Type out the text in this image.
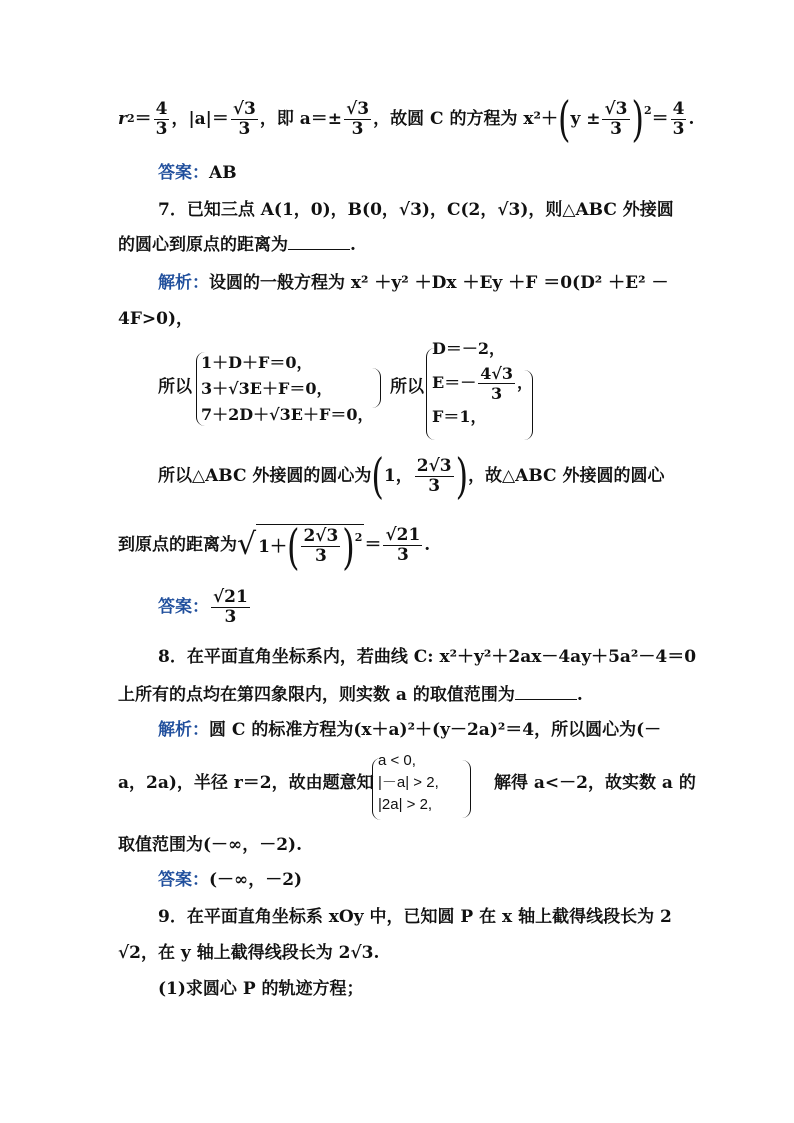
r $2 = \frac{4}{3}$ ， $|a|= \frac{√3}{3}$ ，即 $a=\pm \frac{√3}{3}$ ，故圆 C 的方程为 x²＋ ( $y \pm \frac{√3}{3} )^2 = \frac{4}{3}$ .
答案：AB
7．已知三点 A(1，0)，B(0，√3)，C(2，√3)，则△ABC 外接圆
的圆心到原点的距离为	.
解析：设圆的一般方程为 x² ＋y² ＋Dx ＋Ey ＋F ＝0(D² ＋E² －
4F>0)，
所以
1＋D＋F＝0，
3＋√3E＋F＝0，
7＋2D＋√3E＋F＝0，
所以
D＝－2，
$E=- \frac{4√3}{3}$ ，
F＝1，
所以△ABC 外接圆的圆心为 ( 1， $\frac{2√3}{3}$ ) ，故△ABC 外接圆的圆心
到原点的距离为 √ 1＋ ( $\frac{2√3}{3} )^2 = \frac{√21}{3}$ .
答案： $\frac{√21}{3}$
8．在平面直角坐标系内，若曲线 C: x²＋y²＋2ax－4ay＋5a²－4＝0
上所有的点均在第四象限内，则实数 a 的取值范围为	.
解析：圆 C 的标准方程为(x＋a)²＋(y－2a)²＝4，所以圆心为(－
a，2a)，半径 r＝2，故由题意知
a < 0,
|－a| > 2,
|2a| > 2,
解得 a<－2，故实数 a 的
取值范围为(－∞，－2).
答案：(－∞，－2)
9．在平面直角坐标系 xOy 中，已知圆 P 在 x 轴上截得线段长为 2
√2，在 y 轴上截得线段长为 2√3.
(1)求圆心 P 的轨迹方程；
